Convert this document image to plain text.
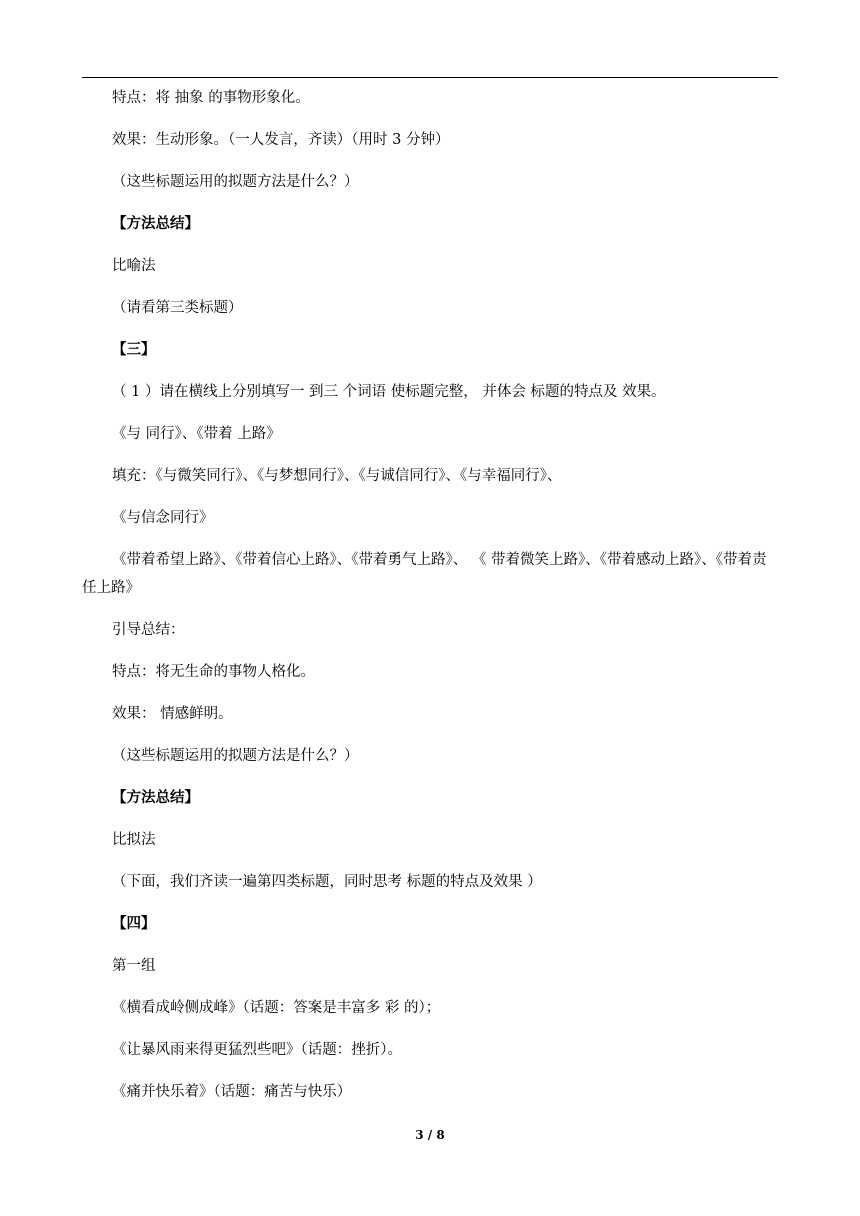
特点：将 抽象 的事物形象化。
效果：生动形象。（一人发言，齐读）（用时 3 分钟）
（这些标题运用的拟题方法是什么？）
【方法总结】
比喻法
（请看第三类标题）
【三】
（ 1 ）请在横线上分别填写一 到三 个词语 使标题完整， 并体会 标题的特点及 效果。
《与 同行》、《带着 上路》
填充：《与微笑同行》、《与梦想同行》、《与诚信同行》、《与幸福同行》、
《与信念同行》
《带着希望上路》、《带着信心上路》、《带着勇气上路》、 《 带着微笑上路》、《带着感动上路》、《带着责任上路》
引导总结：
特点：将无生命的事物人格化。
效果： 情感鲜明。
（这些标题运用的拟题方法是什么？）
【方法总结】
比拟法
（下面，我们齐读一遍第四类标题，同时思考 标题的特点及效果 ）
【四】
第一组
《横看成岭侧成峰》（话题：答案是丰富多 彩 的）；
《让暴风雨来得更猛烈些吧》（话题：挫折）。
《痛并快乐着》（话题：痛苦与快乐）
3 / 8
